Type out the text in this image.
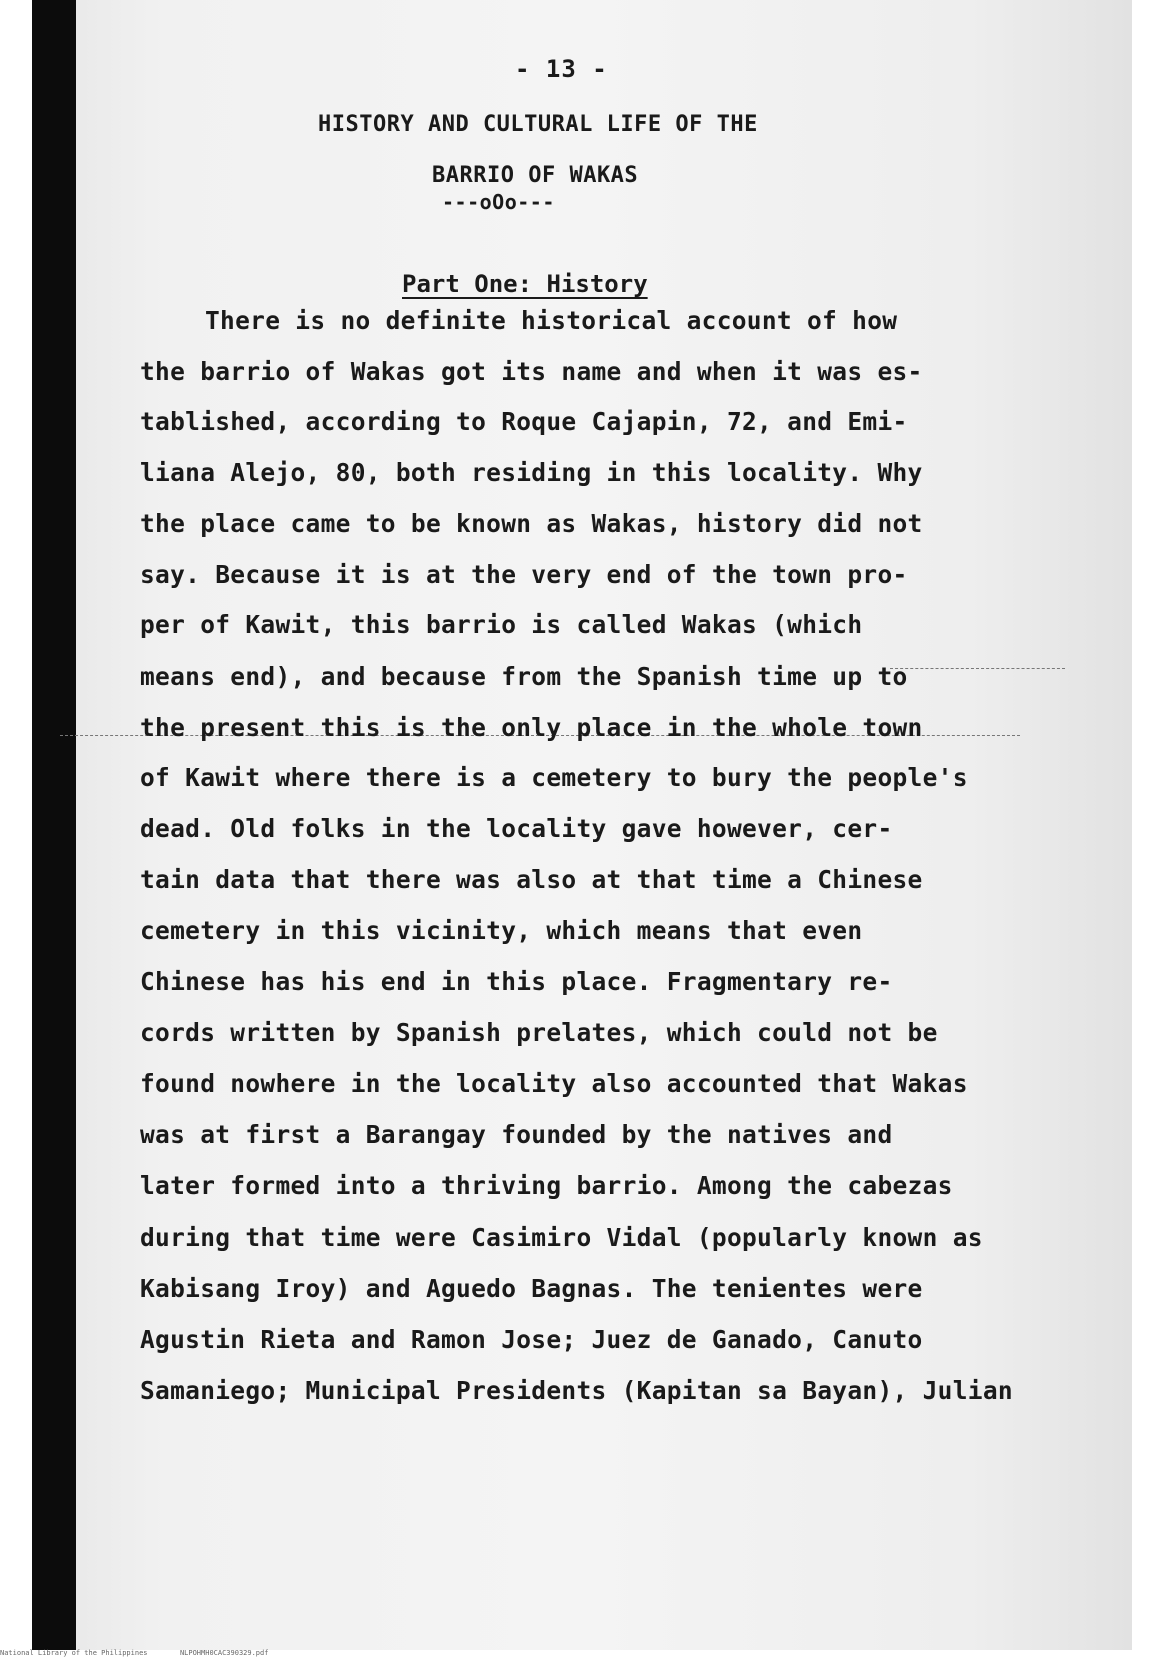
- 13 -

HISTORY AND CULTURAL LIFE OF THE

BARRIO OF WAKAS

---oOo---

Part One: History

There is no definite historical account of how

the barrio of Wakas got its name and when it was es-

tablished, according to Roque Cajapin, 72, and Emi-

liana Alejo, 80, both residing in this locality. Why

the place came to be known as Wakas, history did not

say. Because it is at the very end of the town pro-

per of Kawit, this barrio is called Wakas (which

means end), and because from the Spanish time up to

the present this is the only place in the whole town

of Kawit where there is a cemetery to bury the people's

dead. Old folks in the locality gave however, cer-

tain data that there was also at that time a Chinese

cemetery in this vicinity, which means that even

Chinese has his end in this place. Fragmentary re-

cords written by Spanish prelates, which could not be

found nowhere in the locality also accounted that Wakas

was at first a Barangay founded by the natives and

later formed into a thriving barrio. Among the cabezas

during that time were Casimiro Vidal (popularly known as

Kabisang Iroy) and Aguedo Bagnas. The tenientes were

Agustin Rieta and Ramon Jose; Juez de Ganado, Canuto

Samaniego; Municipal Presidents (Kapitan sa Bayan), Julian

National Library of the Philippines	NLPOHMH0CAC390329.pdf
